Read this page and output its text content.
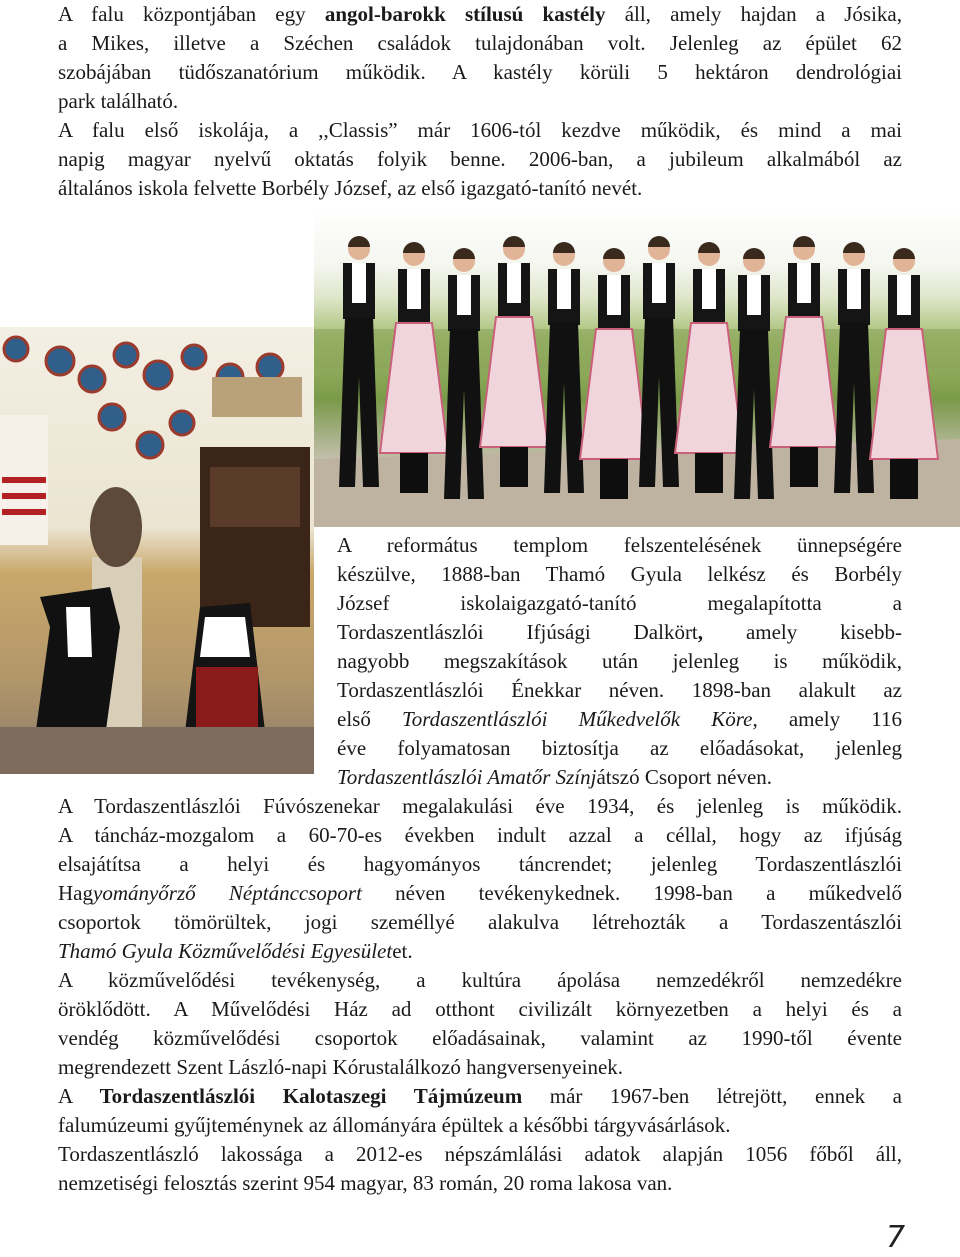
A falu központjában egy angol-barokk stílusú kastély áll, amely hajdan a Jósika,
a Mikes, illetve a Széchen családok tulajdonában volt. Jelenleg az épület 62
szobájában tüdőszanatórium működik. A kastély körüli 5 hektáron dendrológiai
park található.
A falu első iskolája, a ,,Classis” már 1606-tól kezdve működik, és mind a mai
napig magyar nyelvű oktatás folyik benne. 2006-ban, a jubileum alkalmából az
általános iskola felvette Borbély József, az első igazgató-tanító nevét.
A református templom felszentelésének ünnepségére
készülve, 1888-ban Thamó Gyula lelkész és Borbély
József iskolaigazgató-tanító megalapította a
Tordaszentlászlói Ifjúsági Dalkört, amely kisebb-
nagyobb megszakítások után jelenleg is működik,
Tordaszentlászlói Énekkar néven. 1898-ban alakult az
első Tordaszentlászlói Műkedvelők Köre, amely 116
éve folyamatosan biztosítja az előadásokat, jelenleg
Tordaszentlászlói Amatőr Színjátszó Csoport néven.
A Tordaszentlászlói Fúvószenekar megalakulási éve 1934, és jelenleg is működik.
A táncház-mozgalom a 60-70-es években indult azzal a céllal, hogy az ifjúság
elsajátítsa a helyi és hagyományos táncrendet; jelenleg Tordaszentlászlói
Hagyományőrző Néptánccsoport néven tevékenykednek. 1998-ban a műkedvelő
csoportok tömörültek, jogi személlyé alakulva létrehozták a Tordaszentászlói
Thamó Gyula Közművelődési Egyesületet.
A közművelődési tevékenység, a kultúra ápolása nemzedékről nemzedékre
öröklődött. A Művelődési Ház ad otthont civilizált környezetben a helyi és a
vendég közművelődési csoportok előadásainak, valamint az 1990-től évente
megrendezett Szent László-napi Kórustalálkozó hangversenyeinek.
A Tordaszentlászlói Kalotaszegi Tájmúzeum már 1967-ben létrejött, ennek a
falumúzeumi gyűjteménynek az állományára épültek a későbbi tárgyvásárlások.
Tordaszentlászló lakossága a 2012-es népszámlálási adatok alapján 1056 főből áll,
nemzetiségi felosztás szerint 954 magyar, 83 román, 20 roma lakosa van.
7
